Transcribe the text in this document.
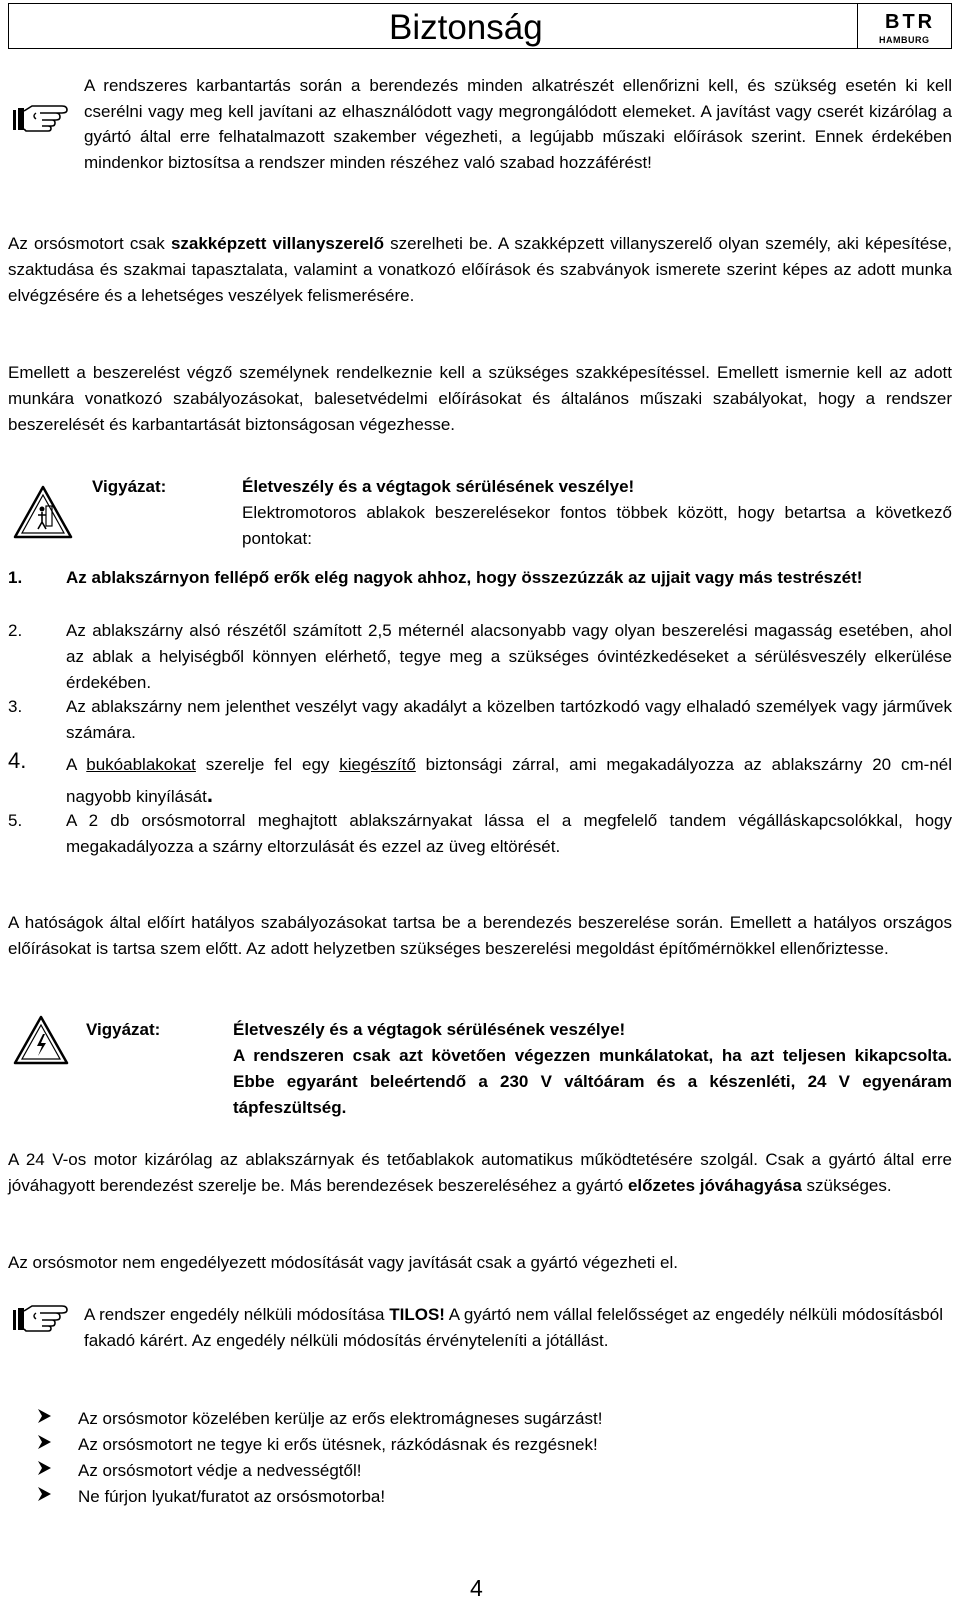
Biztonság	BTR
HAMBURG

A rendszeres karbantartás során a berendezés minden alkatrészét ellenőrizni kell, és szükség esetén ki kell cserélni vagy meg kell javítani az elhasználódott vagy megrongálódott elemeket. A javítást vagy cserét kizárólag a gyártó által erre felhatalmazott szakember végezheti, a legújabb műszaki előírások szerint. Ennek érdekében mindenkor biztosítsa a rendszer minden részéhez való szabad hozzáférést!

Az orsósmotort csak szakképzett villanyszerelő szerelheti be. A szakképzett villanyszerelő olyan személy, aki képesítése, szaktudása és szakmai tapasztalata, valamint a vonatkozó előírások és szabványok ismerete szerint képes az adott munka elvégzésére és a lehetséges veszélyek felismerésére.

Emellett a beszerelést végző személynek rendelkeznie kell a szükséges szakképesítéssel. Emellett ismernie kell az adott munkára vonatkozó szabályozásokat, balesetvédelmi előírásokat és általános műszaki szabályokat, hogy a rendszer beszerelését és karbantartását biztonságosan végezhesse.

Vigyázat:	Életveszély és a végtagok sérülésének veszélye!

Elektromotoros ablakok beszerelésekor fontos többek között, hogy betartsa a következő pontokat:

1.	Az ablakszárnyon fellépő erők elég nagyok ahhoz, hogy összezúzzák az ujjait vagy más testrészét!
2.	Az ablakszárny alsó részétől számított 2,5 méternél alacsonyabb vagy olyan beszerelési magasság esetében, ahol az ablak a helyiségből könnyen elérhető, tegye meg a szükséges óvintézkedéseket a sérülésveszély elkerülése érdekében.
3.	Az ablakszárny nem jelenthet veszélyt vagy akadályt a közelben tartózkodó vagy elhaladó személyek vagy járművek számára.
4. A bukóablakokat szerelje fel egy kiegészítő biztonsági zárral, ami megakadályozza az ablakszárny 20 cm-nél nagyobb kinyílását.
5.	A 2 db orsósmotorral meghajtott ablakszárnyakat lássa el a megfelelő tandem végálláskapcsolókkal, hogy megakadályozza a szárny eltorzulását és ezzel az üveg eltörését.

A hatóságok által előírt hatályos szabályozásokat tartsa be a berendezés beszerelése során. Emellett a hatályos országos előírásokat is tartsa szem előtt. Az adott helyzetben szükséges beszerelési megoldást építőmérnökkel ellenőriztesse.

Vigyázat:	Életveszély és a végtagok sérülésének veszélye!

A rendszeren csak azt követően végezzen munkálatokat, ha azt teljesen kikapcsolta. Ebbe egyaránt beleértendő a 230 V váltóáram és a készenléti, 24 V egyenáram tápfeszültség.

A 24 V-os motor kizárólag az ablakszárnyak és tetőablakok automatikus működtetésére szolgál. Csak a gyártó által erre jóváhagyott berendezést szerelje be. Más berendezések beszereléséhez a gyártó előzetes jóváhagyása szükséges.

Az orsósmotor nem engedélyezett módosítását vagy javítását csak a gyártó végezheti el.

A rendszer engedély nélküli módosítása TILOS! A gyártó nem vállal felelősséget az engedély nélküli módosításból fakadó kárért. Az engedély nélküli módosítás érvényteleníti a jótállást.

Az orsósmotor közelében kerülje az erős elektromágneses sugárzást!
Az orsósmotort ne tegye ki erős ütésnek, rázkódásnak és rezgésnek!
Az orsósmotort védje a nedvességtől!
Ne fúrjon lyukat/furatot az orsósmotorba!
4
